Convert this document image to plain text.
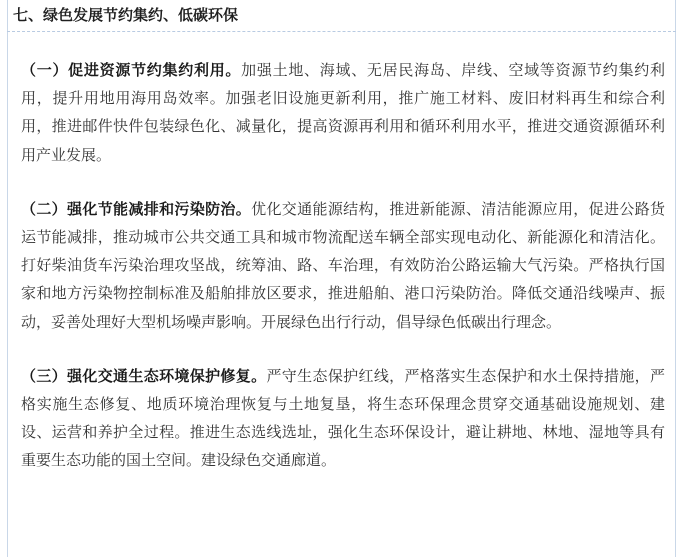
七、绿色发展节约集约、低碳环保

（一）促进资源节约集约利用。加强土地、海域、无居民海岛、岸线、空域等资源节约集约利用，提升用地用海用岛效率。加强老旧设施更新利用，推广施工材料、废旧材料再生和综合利用，推进邮件快件包装绿色化、减量化，提高资源再利用和循环利用水平，推进交通资源循环利用产业发展。

（二）强化节能减排和污染防治。优化交通能源结构，推进新能源、清洁能源应用，促进公路货运节能减排，推动城市公共交通工具和城市物流配送车辆全部实现电动化、新能源化和清洁化。打好柴油货车污染治理攻坚战，统筹油、路、车治理，有效防治公路运输大气污染。严格执行国家和地方污染物控制标准及船舶排放区要求，推进船舶、港口污染防治。降低交通沿线噪声、振动，妥善处理好大型机场噪声影响。开展绿色出行行动，倡导绿色低碳出行理念。

（三）强化交通生态环境保护修复。严守生态保护红线，严格落实生态保护和水土保持措施，严格实施生态修复、地质环境治理恢复与土地复垦，将生态环保理念贯穿交通基础设施规划、建设、运营和养护全过程。推进生态选线选址，强化生态环保设计，避让耕地、林地、湿地等具有重要生态功能的国土空间。建设绿色交通廊道。
